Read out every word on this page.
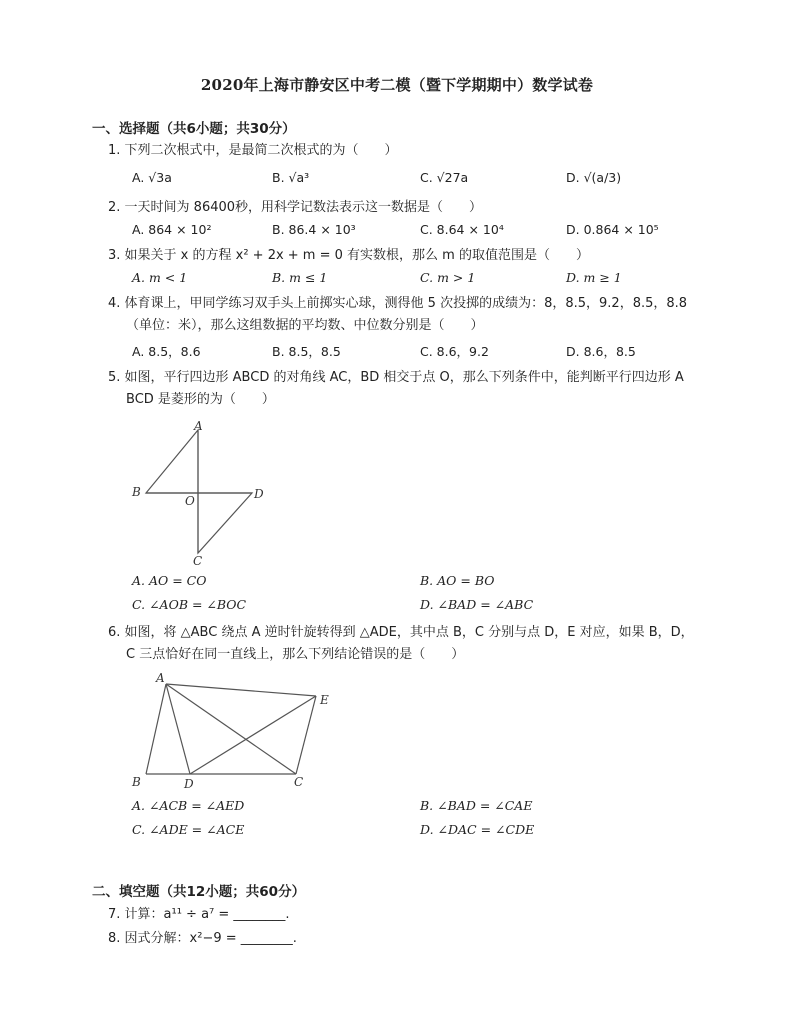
2020年上海市静安区中考二模（暨下学期期中）数学试卷
一、选择题（共6小题；共30分）
1. 下列二次根式中，是最简二次根式的为（　　）
A. √3a	B. √a³	C. √27a	D. √(a/3)
2. 一天时间为 86400秒，用科学记数法表示这一数据是（　　）
A. 864 × 10²	B. 86.4 × 10³	C. 8.64 × 10⁴	D. 0.864 × 10⁵
3. 如果关于 x 的方程 x² + 2x + m = 0 有实数根，那么 m 的取值范围是（　　）
A. m < 1	B. m ≤ 1	C. m > 1	D. m ≥ 1
4. 体育课上，甲同学练习双手头上前掷实心球，测得他 5 次投掷的成绩为：8，8.5，9.2，8.5，8.8
（单位：米），那么这组数据的平均数、中位数分别是（　　）
A. 8.5，8.6	B. 8.5，8.5	C. 8.6，9.2	D. 8.6，8.5
5. 如图，平行四边形 ABCD 的对角线 AC，BD 相交于点 O，那么下列条件中，能判断平行四边形 A
BCD 是菱形的为（　　）
A
B
O	D
C
A. AO = CO	B. AO = BO
C. ∠AOB = ∠BOC	D. ∠BAD = ∠ABC
6. 如图，将 △ABC 绕点 A 逆时针旋转得到 △ADE，其中点 B，C 分别与点 D，E 对应，如果 B，D，
C 三点恰好在同一直线上，那么下列结论错误的是（　　）
A
E
B	D	C
A. ∠ACB = ∠AED	B. ∠BAD = ∠CAE
C. ∠ADE = ∠ACE	D. ∠DAC = ∠CDE
二、填空题（共12小题；共60分）
7. 计算：a¹¹ ÷ a⁷ = ________.
8. 因式分解：x²−9 = ________.
